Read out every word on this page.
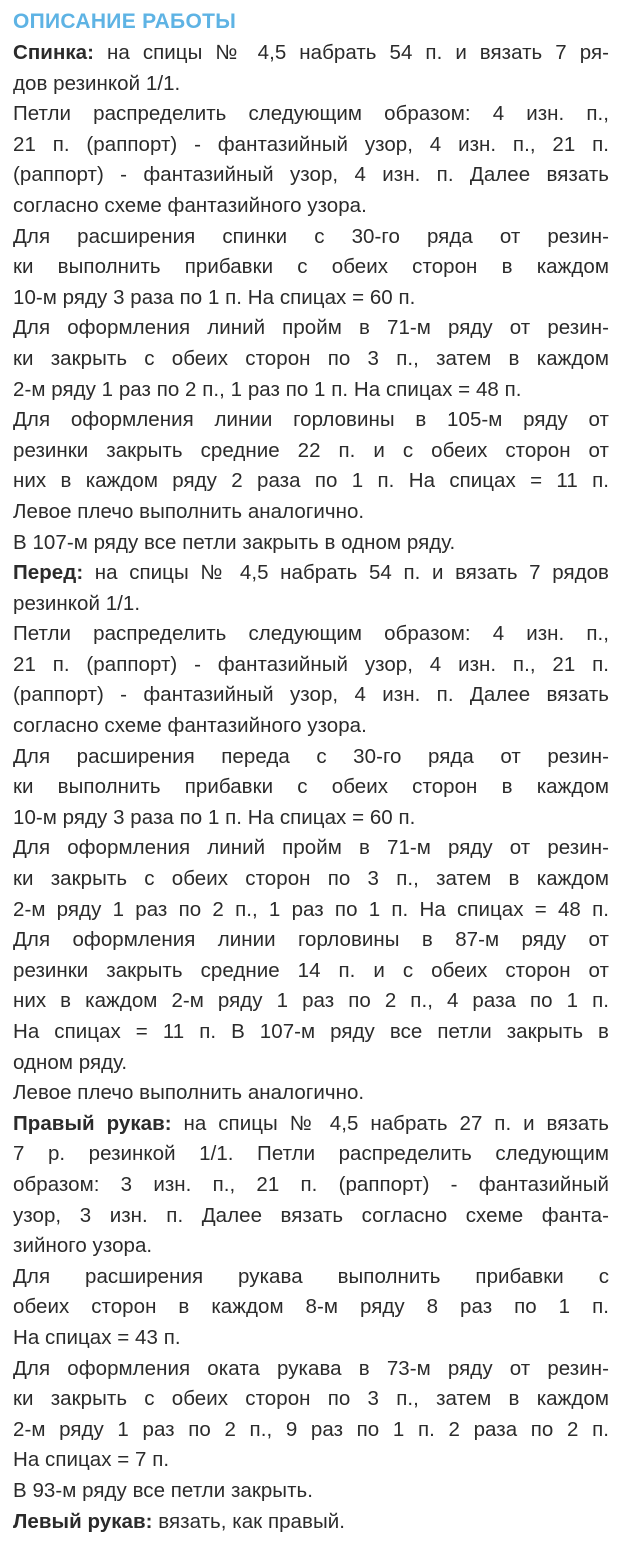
ОПИСАНИЕ РАБОТЫ
Спинка: на спицы № 4,5 набрать 54 п. и вязать 7 ря-
дов резинкой 1/1.
Петли распределить следующим образом: 4 изн. п.,
21 п. (раппорт) - фантазийный узор, 4 изн. п., 21 п.
(раппорт) - фантазийный узор, 4 изн. п. Далее вязать
согласно схеме фантазийного узора.
Для расширения спинки с 30-го ряда от резин-
ки выполнить прибавки с обеих сторон в каждом
10-м ряду 3 раза по 1 п. На спицах = 60 п.
Для оформления линий пройм в 71-м ряду от резин-
ки закрыть с обеих сторон по 3 п., затем в каждом
2-м ряду 1 раз по 2 п., 1 раз по 1 п. На спицах = 48 п.
Для оформления линии горловины в 105-м ряду от
резинки закрыть средние 22 п. и с обеих сторон от
них в каждом ряду 2 раза по 1 п. На спицах = 11 п.
Левое плечо выполнить аналогично.
В 107-м ряду все петли закрыть в одном ряду.
Перед: на спицы № 4,5 набрать 54 п. и вязать 7 рядов
резинкой 1/1.
Петли распределить следующим образом: 4 изн. п.,
21 п. (раппорт) - фантазийный узор, 4 изн. п., 21 п.
(раппорт) - фантазийный узор, 4 изн. п. Далее вязать
согласно схеме фантазийного узора.
Для расширения переда с 30-го ряда от резин-
ки выполнить прибавки с обеих сторон в каждом
10-м ряду 3 раза по 1 п. На спицах = 60 п.
Для оформления линий пройм в 71-м ряду от резин-
ки закрыть с обеих сторон по 3 п., затем в каждом
2-м ряду 1 раз по 2 п., 1 раз по 1 п. На спицах = 48 п.
Для оформления линии горловины в 87-м ряду от
резинки закрыть средние 14 п. и с обеих сторон от
них в каждом 2-м ряду 1 раз по 2 п., 4 раза по 1 п.
На спицах = 11 п. В 107-м ряду все петли закрыть в
одном ряду.
Левое плечо выполнить аналогично.
Правый рукав: на спицы № 4,5 набрать 27 п. и вязать
7 р. резинкой 1/1. Петли распределить следующим
образом: 3 изн. п., 21 п. (раппорт) - фантазийный
узор, 3 изн. п. Далее вязать согласно схеме фанта-
зийного узора.
Для расширения рукава выполнить прибавки с
обеих сторон в каждом 8-м ряду 8 раз по 1 п.
На спицах = 43 п.
Для оформления оката рукава в 73-м ряду от резин-
ки закрыть с обеих сторон по 3 п., затем в каждом
2-м ряду 1 раз по 2 п., 9 раз по 1 п. 2 раза по 2 п.
На спицах = 7 п.
В 93-м ряду все петли закрыть.
Левый рукав: вязать, как правый.
